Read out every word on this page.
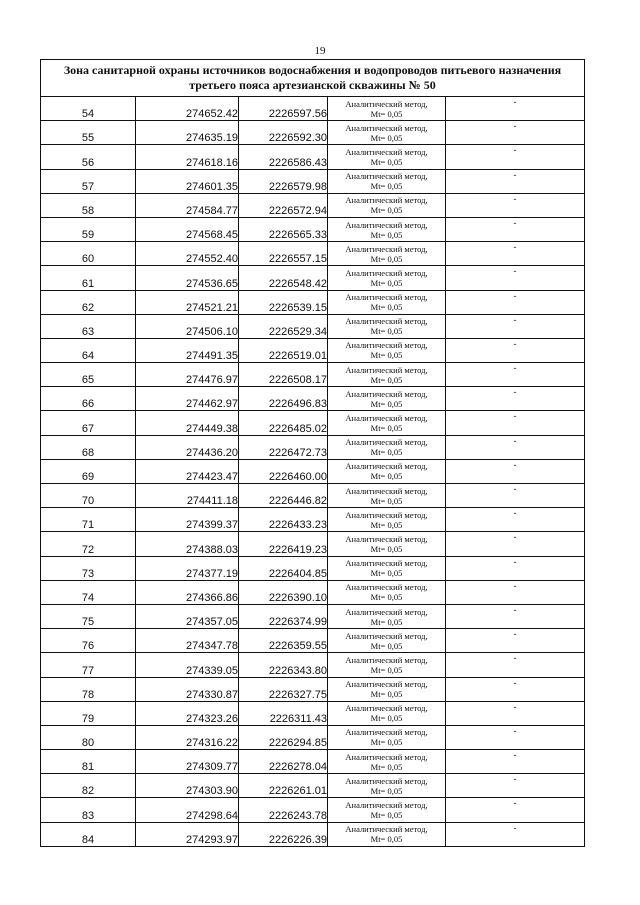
19
Зона санитарной охраны источников водоснабжения и водопроводов питьевого назначения
третьего пояса артезианской скважины № 50				

54	274652.42	2226597.56	Аналитический метод,
Mt= 0,05	-
55	274635.19	2226592.30	Аналитический метод,
Mt= 0,05	-
56	274618.16	2226586.43	Аналитический метод,
Mt= 0,05	-
57	274601.35	2226579.98	Аналитический метод,
Mt= 0,05	-
58	274584.77	2226572.94	Аналитический метод,
Mt= 0,05	-
59	274568.45	2226565.33	Аналитический метод,
Mt= 0,05	-
60	274552.40	2226557.15	Аналитический метод,
Mt= 0,05	-
61	274536.65	2226548.42	Аналитический метод,
Mt= 0,05	-
62	274521.21	2226539.15	Аналитический метод,
Mt= 0,05	-
63	274506.10	2226529.34	Аналитический метод,
Mt= 0,05	-
64	274491.35	2226519.01	Аналитический метод,
Mt= 0,05	-
65	274476.97	2226508.17	Аналитический метод,
Mt= 0,05	-
66	274462.97	2226496.83	Аналитический метод,
Mt= 0,05	-
67	274449.38	2226485.02	Аналитический метод,
Mt= 0,05	-
68	274436.20	2226472.73	Аналитический метод,
Mt= 0,05	-
69	274423.47	2226460.00	Аналитический метод,
Mt= 0,05	-
70	274411.18	2226446.82	Аналитический метод,
Mt= 0,05	-
71	274399.37	2226433.23	Аналитический метод,
Mt= 0,05	-
72	274388.03	2226419.23	Аналитический метод,
Mt= 0,05	-
73	274377.19	2226404.85	Аналитический метод,
Mt= 0,05	-
74	274366.86	2226390.10	Аналитический метод,
Mt= 0,05	-
75	274357.05	2226374.99	Аналитический метод,
Mt= 0,05	-
76	274347.78	2226359.55	Аналитический метод,
Mt= 0,05	-
77	274339.05	2226343.80	Аналитический метод,
Mt= 0,05	-
78	274330.87	2226327.75	Аналитический метод,
Mt= 0,05	-
79	274323.26	2226311.43	Аналитический метод,
Mt= 0,05	-
80	274316.22	2226294.85	Аналитический метод,
Mt= 0,05	-
81	274309.77	2226278.04	Аналитический метод,
Mt= 0,05	-
82	274303.90	2226261.01	Аналитический метод,
Mt= 0,05	-
83	274298.64	2226243.78	Аналитический метод,
Mt= 0,05	-
84	274293.97	2226226.39	Аналитический метод,
Mt= 0,05	-
